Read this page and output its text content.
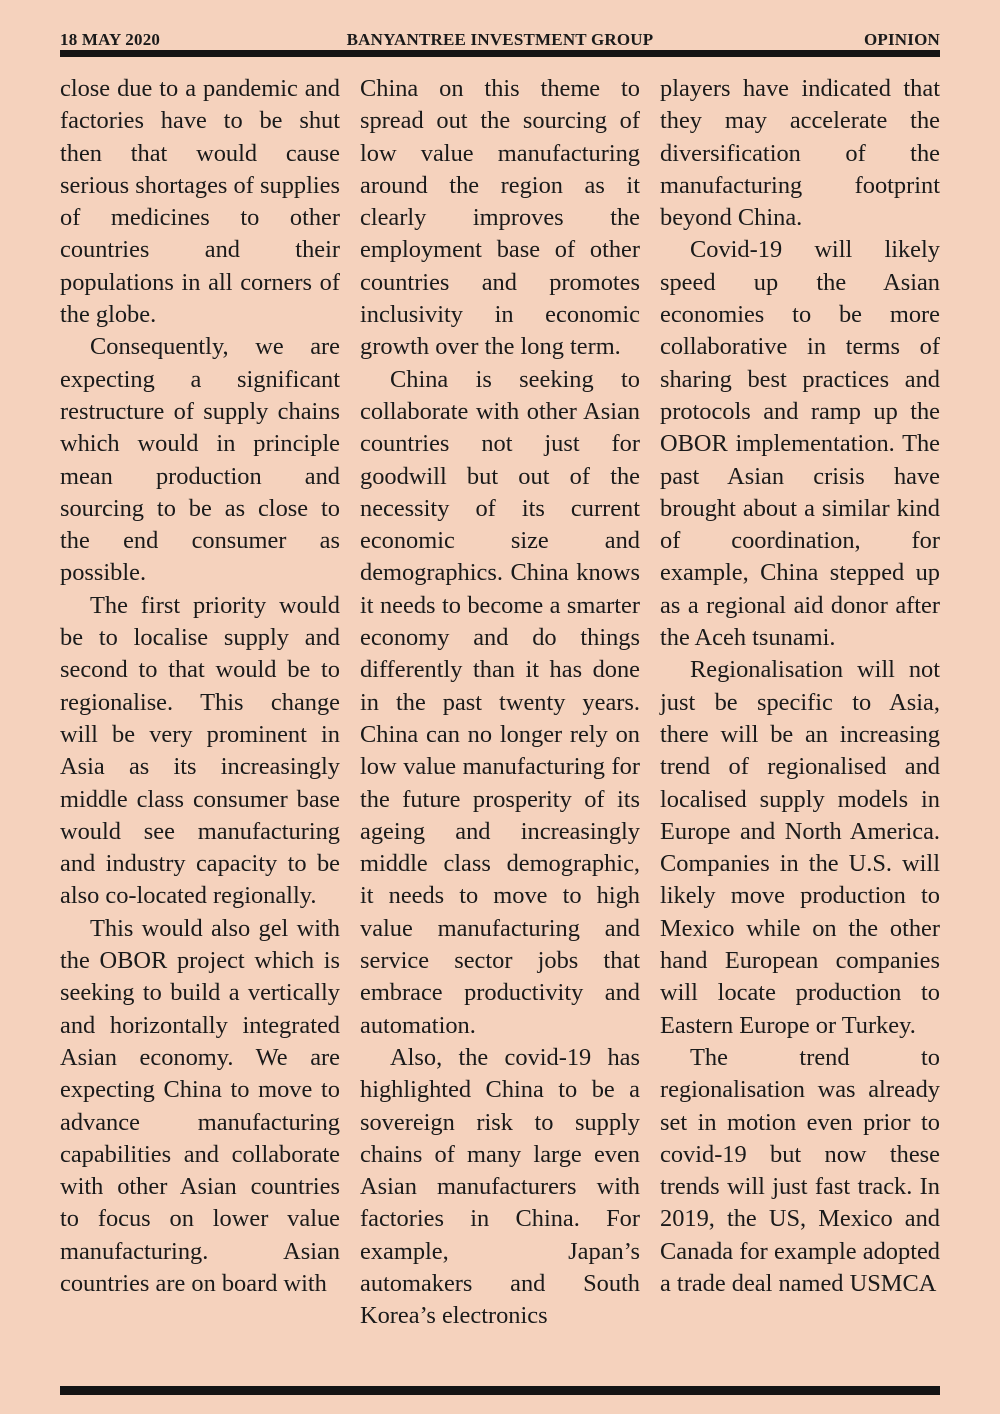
18 MAY 2020	BANYANTREE INVESTMENT GROUP	OPINION

close due to a pandemic and factories have to be shut then that would cause serious shortages of supplies of medicines to other countries and their populations in all corners of the globe.

Consequently, we are expecting a significant restructure of supply chains which would in principle mean production and sourcing to be as close to the end consumer as possible.

The first priority would be to localise supply and second to that would be to regionalise. This change will be very prominent in Asia as its increasingly middle class consumer base would see manufacturing and industry capacity to be also co-located regionally.

This would also gel with the OBOR project which is seeking to build a vertically and horizontally integrated Asian economy. We are expecting China to move to advance manufacturing capabilities and collaborate with other Asian countries to focus on lower value manufacturing. Asian countries are on board with

China on this theme to spread out the sourcing of low value manufacturing around the region as it clearly improves the employment base of other countries and promotes inclusivity in economic growth over the long term.

China is seeking to collaborate with other Asian countries not just for goodwill but out of the necessity of its current economic size and demographics. China knows it needs to become a smarter economy and do things differently than it has done in the past twenty years. China can no longer rely on low value manufacturing for the future prosperity of its ageing and increasingly middle class demographic, it needs to move to high value manufacturing and service sector jobs that embrace productivity and automation.

Also, the covid-19 has highlighted China to be a sovereign risk to supply chains of many large even Asian manufacturers with factories in China. For example, Japan’s automakers and South Korea’s electronics

players have indicated that they may accelerate the diversification of the manufacturing footprint beyond China.

Covid-19 will likely speed up the Asian economies to be more collaborative in terms of sharing best practices and protocols and ramp up the OBOR implementation. The past Asian crisis have brought about a similar kind of coordination, for example, China stepped up as a regional aid donor after the Aceh tsunami.

Regionalisation will not just be specific to Asia, there will be an increasing trend of regionalised and localised supply models in Europe and North America. Companies in the U.S. will likely move production to Mexico while on the other hand European companies will locate production to Eastern Europe or Turkey.

The trend to regionalisation was already set in motion even prior to covid-19 but now these trends will just fast track. In 2019, the US, Mexico and Canada for example adopted a trade deal named USMCA
